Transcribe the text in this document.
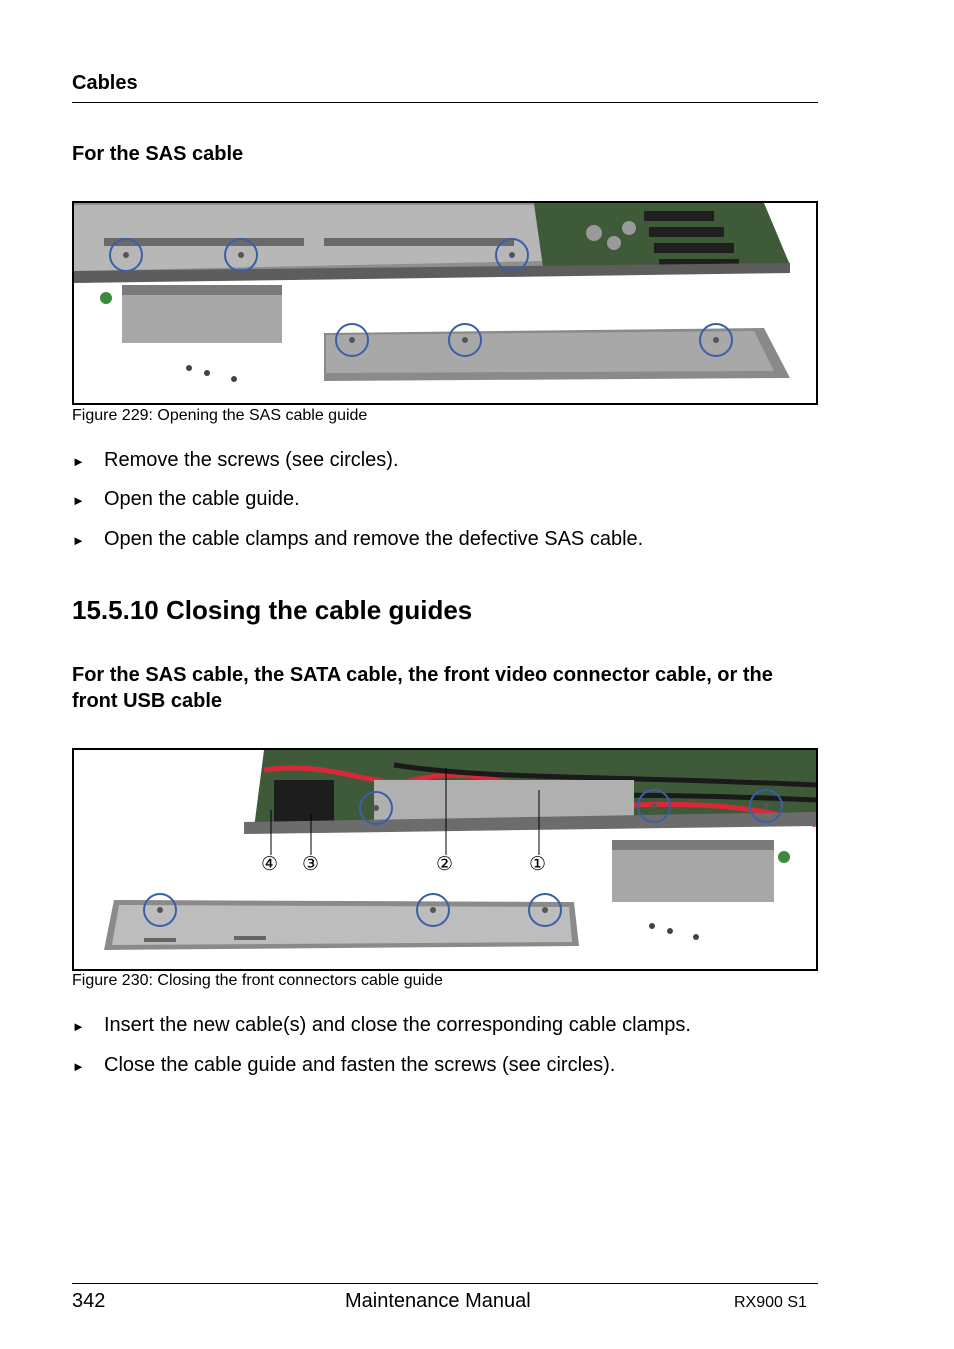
Cables
For the SAS cable
Figure 229: Opening the SAS cable guide
► Remove the screws (see circles).
► Open the cable guide.
► Open the cable clamps and remove the defective SAS cable.
15.5.10 Closing the cable guides
For the SAS cable, the SATA cable, the front video connector cable, or the
front USB cable
④ ③	②	①
Figure 230: Closing the front connectors cable guide
► Insert the new cable(s) and close the corresponding cable clamps.
► Close the cable guide and fasten the screws (see circles).
342	Maintenance Manual	RX900 S1
